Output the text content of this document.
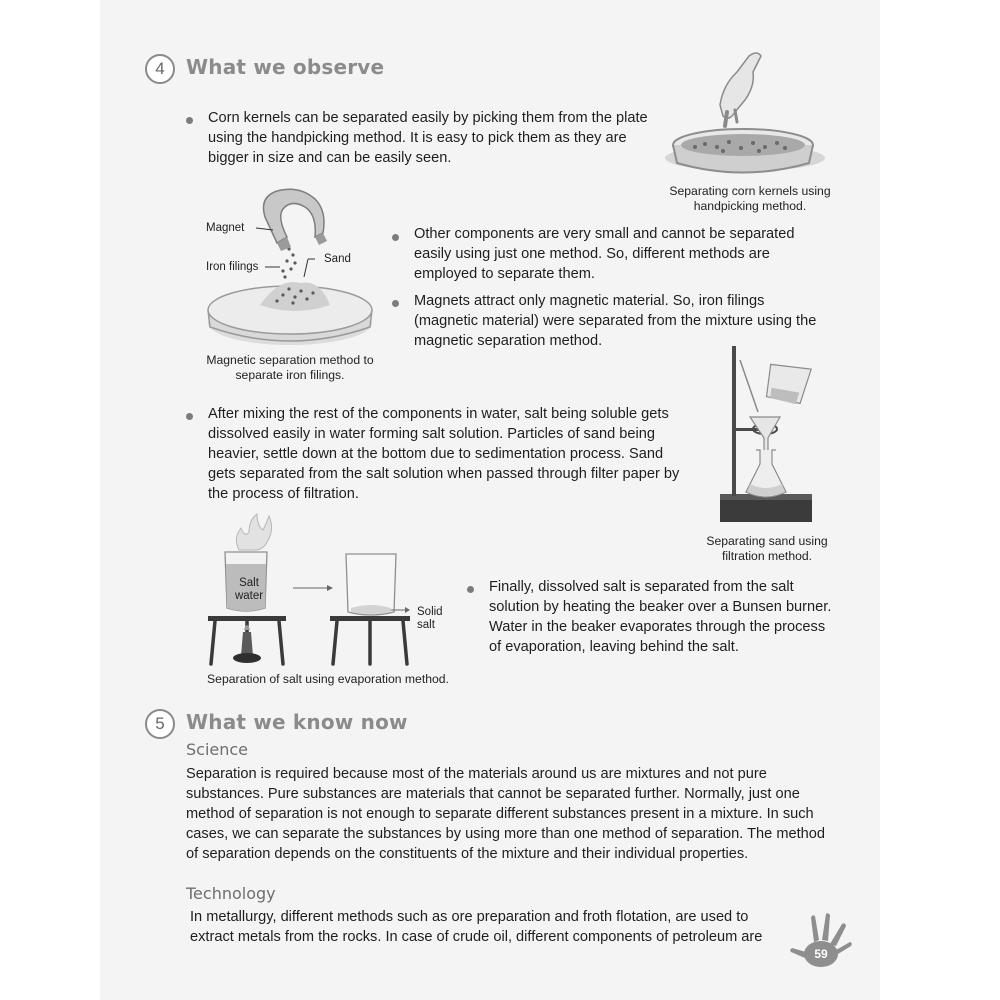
4	What we observe
Corn kernels can be separated easily by picking them from the plate using the handpicking method. It is easy to pick them as they are bigger in size and can be easily seen.
Separating corn kernels using handpicking method.
Magnet
Iron filings
Sand
Magnetic separation method to separate iron filings.
Other components are very small and cannot be separated easily using just one method. So, different methods are employed to separate them.
Magnets attract only magnetic material. So, iron filings (magnetic material) were separated from the mixture using the magnetic separation method.
Separating sand using filtration method.
After mixing the rest of the components in water, salt being soluble gets dissolved easily in water forming salt solution. Particles of sand being heavier, settle down at the bottom due to sedimentation process. Sand gets separated from the salt solution when passed through filter paper by the process of filtration.
Salt
water
Solid
salt
Separation of salt using evaporation method.
Finally, dissolved salt is separated from the salt solution by heating the beaker over a Bunsen burner. Water in the beaker evaporates through the process of evaporation, leaving behind the salt.
5	What we know now
Science
Separation is required because most of the materials around us are mixtures and not pure substances. Pure substances are materials that cannot be separated further. Normally, just one method of separation is not enough to separate different substances present in a mixture. In such cases, we can separate the substances by using more than one method of separation. The method of separation depends on the constituents of the mixture and their individual properties.
Technology
In metallurgy, different methods such as ore preparation and froth flotation, are used to extract metals from the rocks. In case of crude oil, different components of petroleum are
59
